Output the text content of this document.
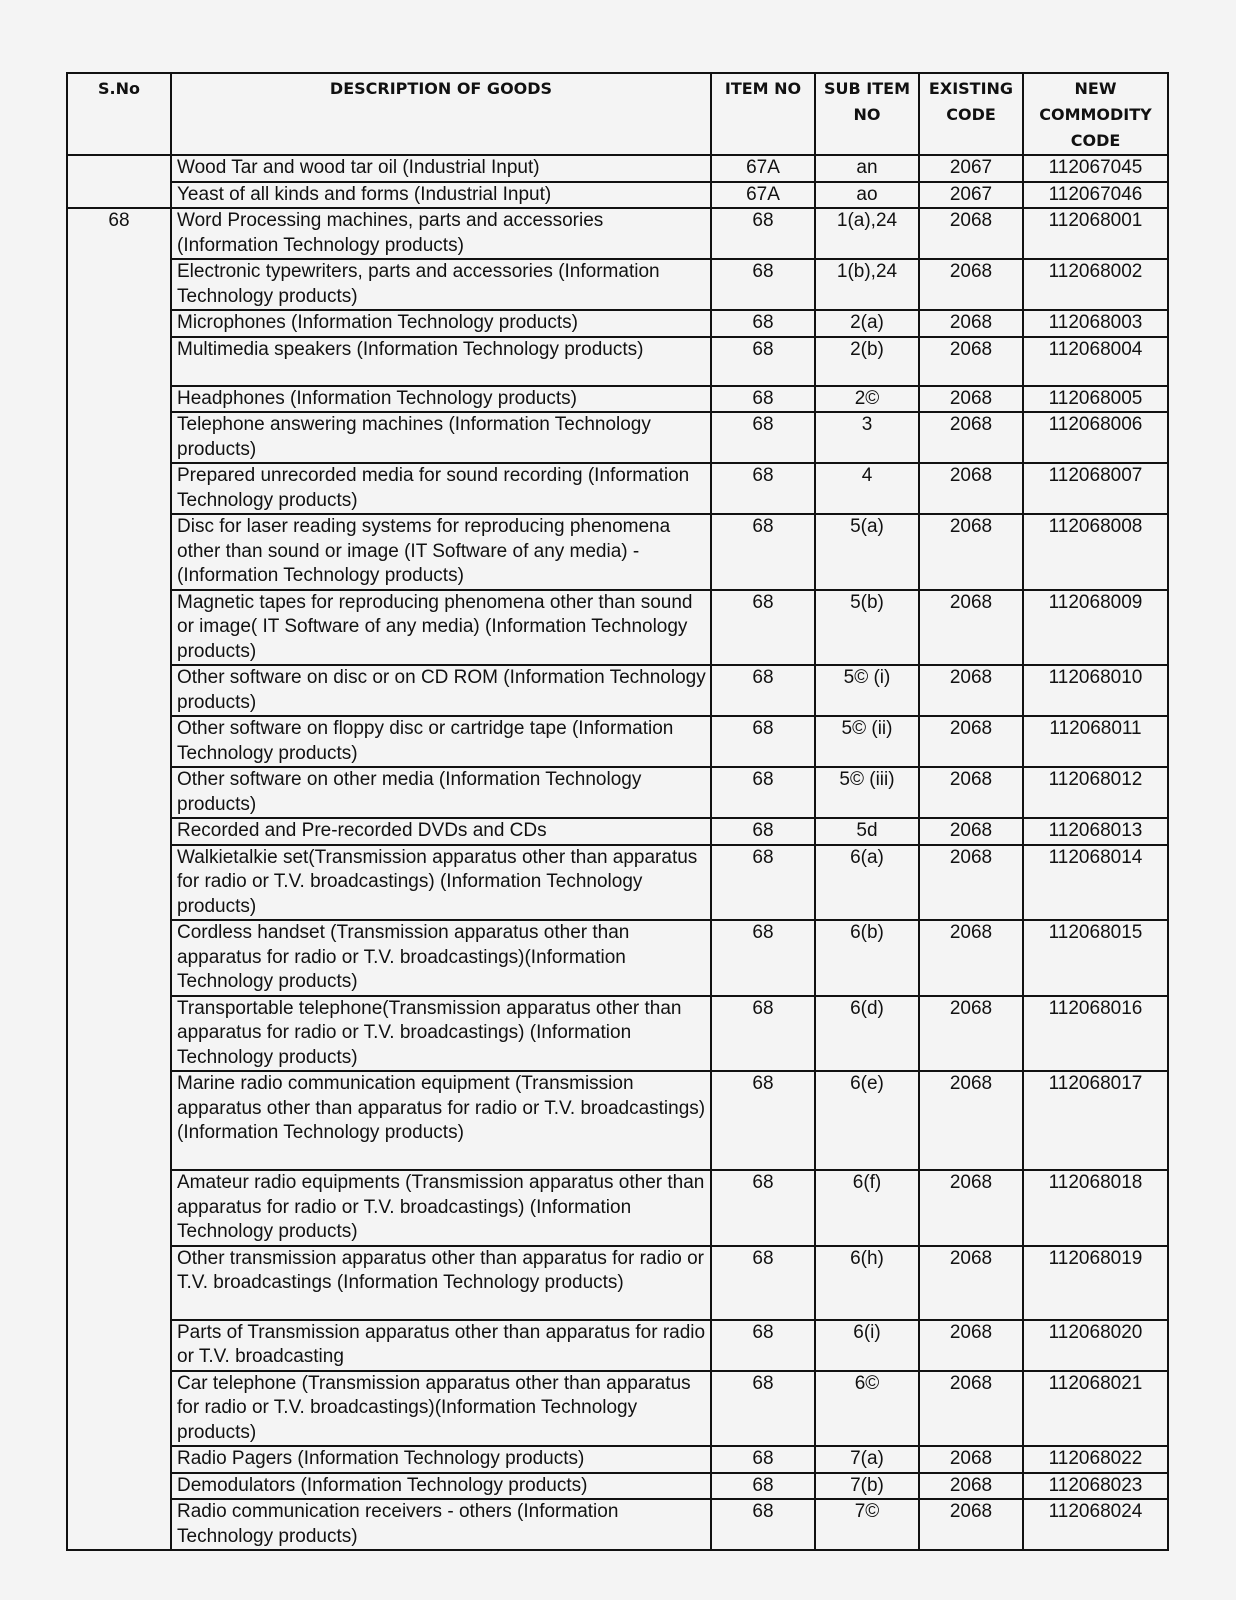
S.No	DESCRIPTION OF GOODS	ITEM NO	SUB ITEM NO	EXISTING CODE	NEW COMMODITY CODE
	Wood Tar and wood tar oil (Industrial Input)	67A	an	2067	112067045
	Yeast of all kinds and forms (Industrial Input)	67A	ao	2067	112067046
68	Word Processing machines, parts and accessories (Information Technology products)	68	1(a),24	2068	112068001
	Electronic typewriters, parts and accessories (Information Technology products)	68	1(b),24	2068	112068002
	Microphones (Information Technology products)	68	2(a)	2068	112068003
	Multimedia speakers (Information Technology products)	68	2(b)	2068	112068004
	Headphones (Information Technology products)	68	2©	2068	112068005
	Telephone answering machines (Information Technology products)	68	3	2068	112068006
	Prepared unrecorded media for sound recording (Information Technology products)	68	4	2068	112068007
	Disc for laser reading systems for reproducing phenomena other than sound or image (IT Software of any media) - (Information Technology products)	68	5(a)	2068	112068008
	Magnetic tapes for reproducing phenomena other than sound or image( IT Software of any media) (Information Technology products)	68	5(b)	2068	112068009
	Other software on disc or on CD ROM (Information Technology products)	68	5© (i)	2068	112068010
	Other software on floppy disc or cartridge tape (Information Technology products)	68	5© (ii)	2068	112068011
	Other software on other media (Information Technology products)	68	5© (iii)	2068	112068012
	Recorded and Pre-recorded DVDs and CDs	68	5d	2068	112068013
	Walkietalkie set(Transmission apparatus other than apparatus for radio or T.V. broadcastings) (Information Technology products)	68	6(a)	2068	112068014
	Cordless handset (Transmission apparatus other than apparatus for radio or T.V. broadcastings)(Information Technology products)	68	6(b)	2068	112068015
	Transportable telephone(Transmission apparatus other than apparatus for radio or T.V. broadcastings) (Information Technology products)	68	6(d)	2068	112068016
	Marine radio communication equipment (Transmission apparatus other than apparatus for radio or T.V. broadcastings) (Information Technology products)	68	6(e)	2068	112068017
	Amateur radio equipments (Transmission apparatus other than apparatus for radio or T.V. broadcastings) (Information Technology products)	68	6(f)	2068	112068018
	Other transmission apparatus other than apparatus for radio or T.V. broadcastings (Information Technology products)	68	6(h)	2068	112068019
	Parts of Transmission apparatus other than apparatus for radio or T.V. broadcasting	68	6(i)	2068	112068020
	Car telephone (Transmission apparatus other than apparatus for radio or T.V. broadcastings)(Information Technology products)	68	6©	2068	112068021
	Radio Pagers (Information Technology products)	68	7(a)	2068	112068022
	Demodulators (Information Technology products)	68	7(b)	2068	112068023
	Radio communication receivers - others (Information Technology products)	68	7©	2068	112068024
